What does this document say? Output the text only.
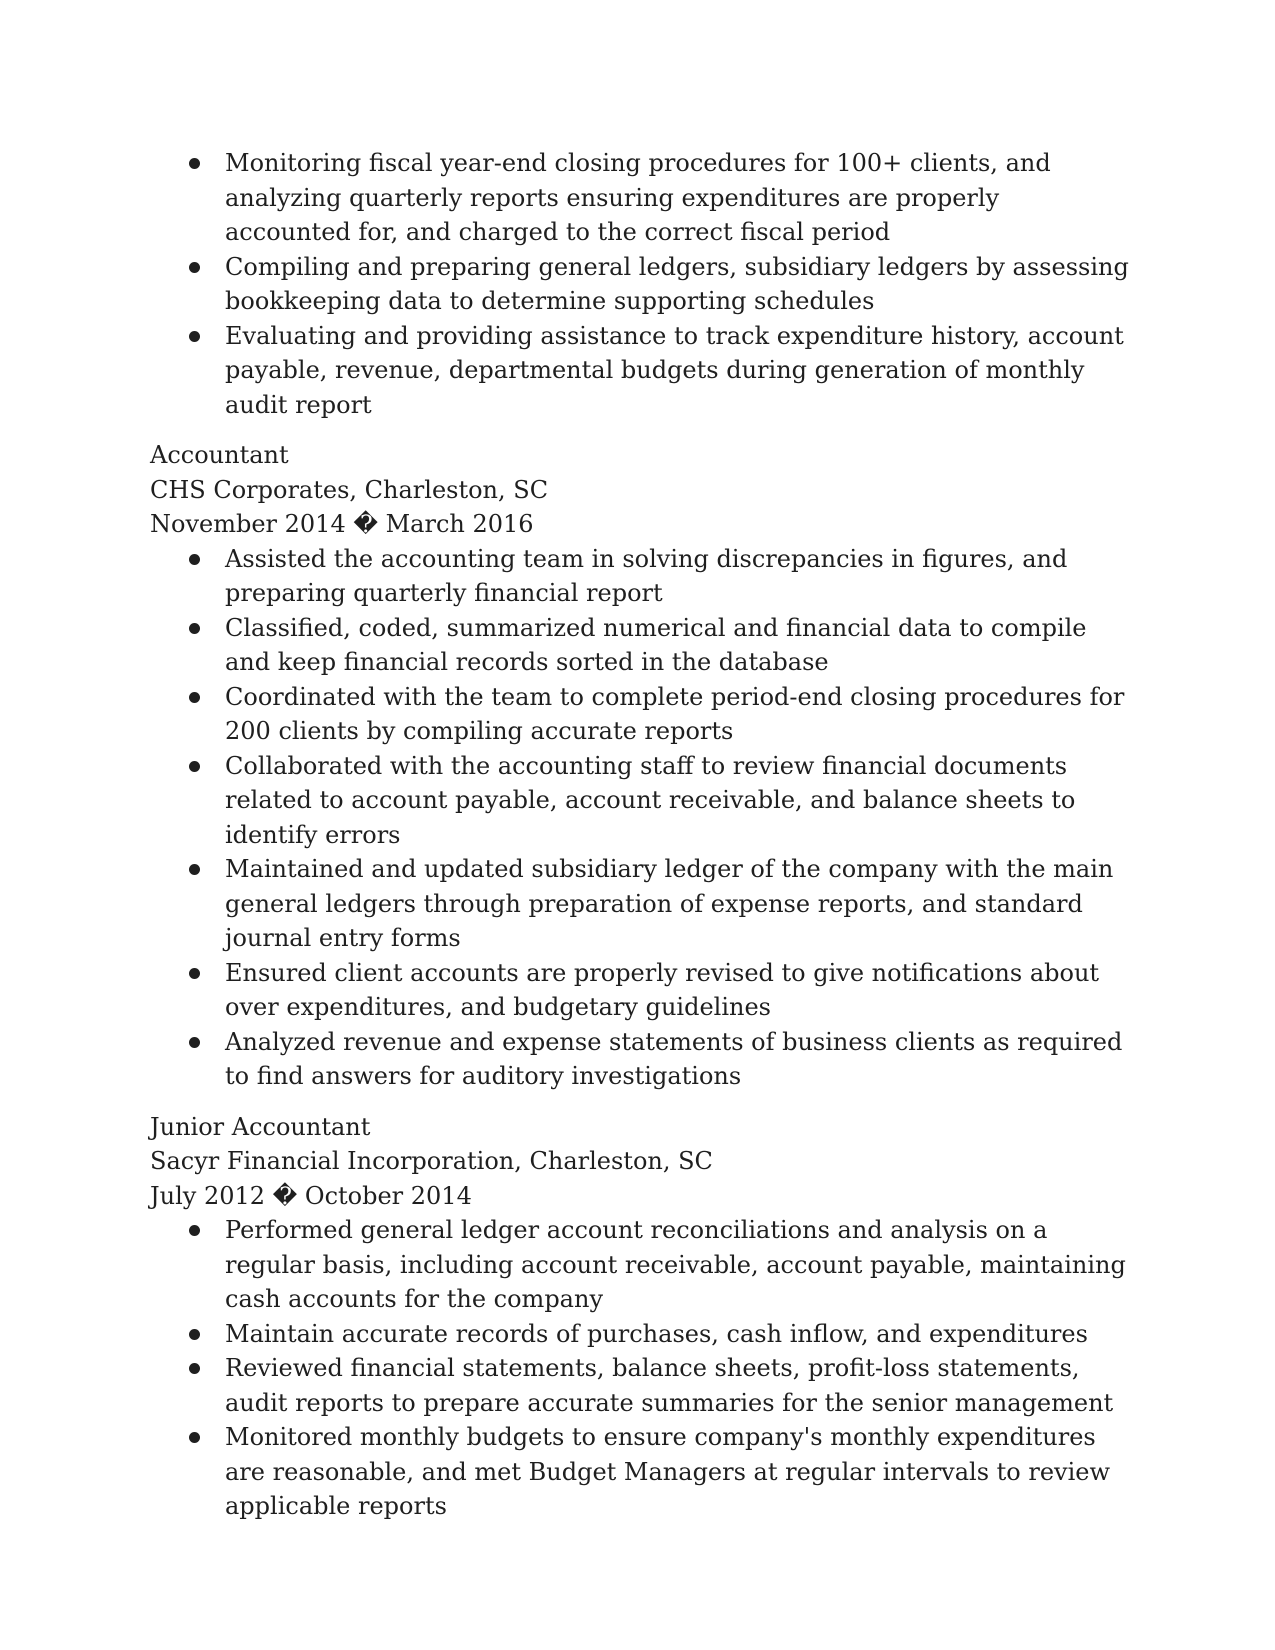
Monitoring fiscal year-end closing procedures for 100+ clients, and analyzing quarterly reports ensuring expenditures are properly accounted for, and charged to the correct fiscal period
Compiling and preparing general ledgers, subsidiary ledgers by assessing bookkeeping data to determine supporting schedules
Evaluating and providing assistance to track expenditure history, account payable, revenue, departmental budgets during generation of monthly audit report
Accountant
CHS Corporates, Charleston, SC
November 2014 � March 2016
Assisted the accounting team in solving discrepancies in figures, and preparing quarterly financial report
Classified, coded, summarized numerical and financial data to compile and keep financial records sorted in the database
Coordinated with the team to complete period-end closing procedures for 200 clients by compiling accurate reports
Collaborated with the accounting staff to review financial documents related to account payable, account receivable, and balance sheets to identify errors
Maintained and updated subsidiary ledger of the company with the main general ledgers through preparation of expense reports, and standard journal entry forms
Ensured client accounts are properly revised to give notifications about over expenditures, and budgetary guidelines
Analyzed revenue and expense statements of business clients as required to find answers for auditory investigations
Junior Accountant
Sacyr Financial Incorporation, Charleston, SC
July 2012 � October 2014
Performed general ledger account reconciliations and analysis on a regular basis, including account receivable, account payable, maintaining cash accounts for the company
Maintain accurate records of purchases, cash inflow, and expenditures
Reviewed financial statements, balance sheets, profit-loss statements, audit reports to prepare accurate summaries for the senior management
Monitored monthly budgets to ensure company's monthly expenditures are reasonable, and met Budget Managers at regular intervals to review applicable reports
